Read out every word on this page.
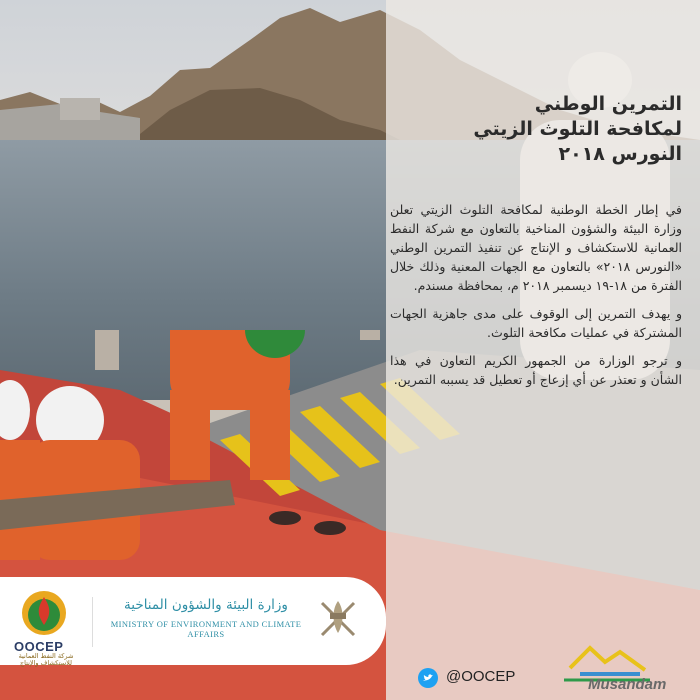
التمرين الوطني
لمكافحة التلوث الزيتي
النورس ٢٠١٨

في إطار الخطة الوطنية لمكافحة التلوث الزيتي تعلن وزارة البيئة والشؤون المناخية بالتعاون مع شركة النفط العمانية للاستكشاف و الإنتاج عن تنفيذ التمرين الوطني «النورس ٢٠١٨» بالتعاون مع الجهات المعنية وذلك خلال الفترة من ١٨-١٩ ديسمبر ٢٠١٨ م، بمحافظة مسندم.

و يهدف التمرين إلى الوقوف على مدى جاهزية الجهات المشتركة في عمليات مكافحة التلوث.

و ترجو الوزارة من الجمهور الكريم التعاون في هذا الشأن و تعتذر عن أي إزعاج أو تعطيل قد يسببه التمرين.

OOCEP
شركة النفط العمانية للاستكشاف والإنتاج
وزارة البيئة والشؤون المناخية
MINISTRY OF ENVIRONMENT AND CLIMATE AFFAIRS
@OOCEP	Musandam
